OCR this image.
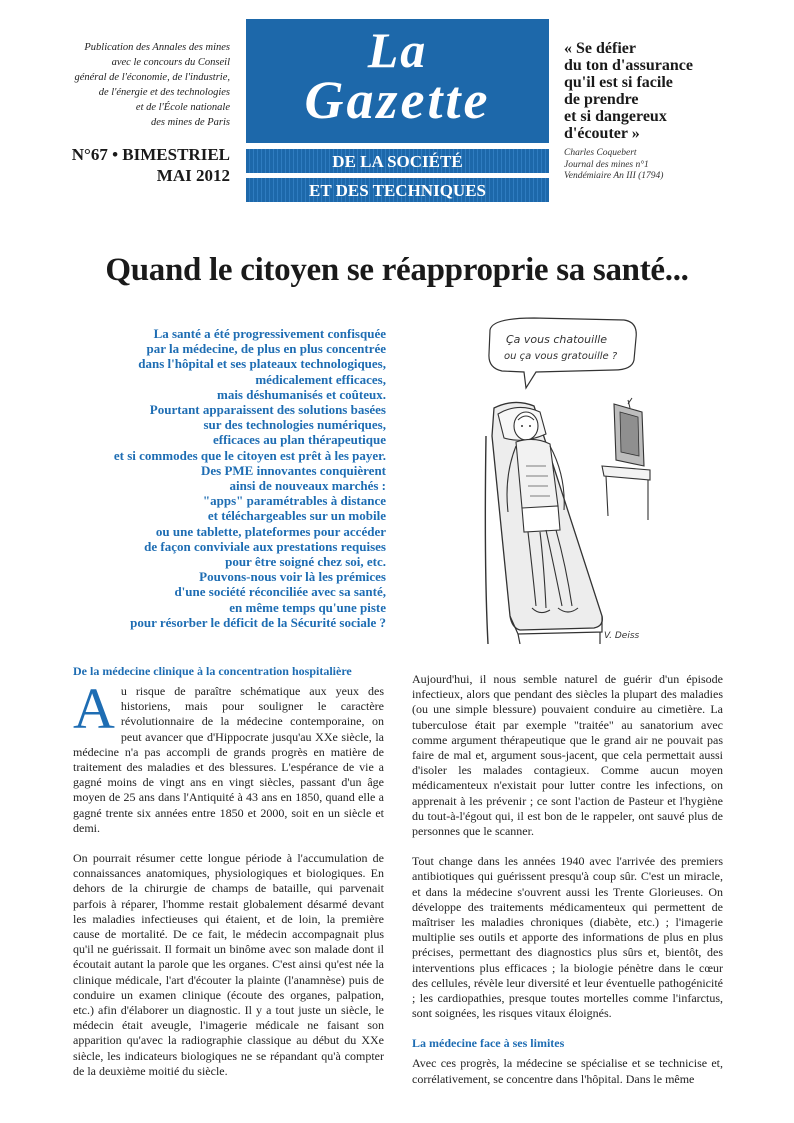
Publication des Annales des mines
avec le concours du Conseil
général de l'économie, de l'industrie,
de l'énergie et des technologies
et de l'École nationale
des mines de Paris
N°67 • BIMESTRIEL
MAI 2012
La
Gazette
DE LA SOCIÉTÉ
ET DES TECHNIQUES
« Se défier
du ton d'assurance
qu'il est si facile
de prendre
et si dangereux
d'écouter »
Charles Coquebert
Journal des mines n°1
Vendémiaire An III (1794)
Quand le citoyen se réapproprie sa santé...
La santé a été progressivement confisquée
par la médecine, de plus en plus concentrée
dans l'hôpital et ses plateaux technologiques,
médicalement efficaces,
mais déshumanisés et coûteux.
Pourtant apparaissent des solutions basées
sur des technologies numériques,
efficaces au plan thérapeutique
et si commodes que le citoyen est prêt à les payer.
Des PME innovantes conquièrent
ainsi de nouveaux marchés :
"apps" paramétrables à distance
et téléchargeables sur un mobile
ou une tablette, plateformes pour accéder
de façon conviviale aux prestations requises
pour être soigné chez soi, etc.
Pouvons-nous voir là les prémices
d'une société réconciliée avec sa santé,
en même temps qu'une piste
pour résorber le déficit de la Sécurité sociale ?
Ça vous chatouille
ou ça vous gratouille ?
V. Deiss
De la médecine clinique à la concentration hospitalière
Au risque de paraître schématique aux yeux des historiens, mais pour souligner le caractère révolutionnaire de la médecine contemporaine, on peut avancer que d'Hippocrate jusqu'au XXe siècle, la médecine n'a pas accompli de grands progrès en matière de traitement des maladies et des blessures. L'espérance de vie a gagné moins de vingt ans en vingt siècles, passant d'un âge moyen de 25 ans dans l'Antiquité à 43 ans en 1850, quand elle a gagné trente six années entre 1850 et 2000, soit en un siècle et demi.
On pourrait résumer cette longue période à l'accumulation de connaissances anatomiques, physiologiques et biologiques. En dehors de la chirurgie de champs de bataille, qui parvenait parfois à réparer, l'homme restait globalement désarmé devant les maladies infectieuses qui étaient, et de loin, la première cause de mortalité. De ce fait, le médecin accompagnait plus qu'il ne guérissait. Il formait un binôme avec son malade dont il écoutait autant la parole que les organes. C'est ainsi qu'est née la clinique médicale, l'art d'écouter la plainte (l'anamnèse) puis de conduire un examen clinique (écoute des organes, palpation, etc.) afin d'élaborer un diagnostic. Il y a tout juste un siècle, le médecin était aveugle, l'imagerie médicale ne faisant son apparition qu'avec la radiographie classique au début du XXe siècle, les indicateurs biologiques ne se répandant qu'à compter de la deuxième moitié du siècle.
Aujourd'hui, il nous semble naturel de guérir d'un épisode infectieux, alors que pendant des siècles la plupart des maladies (ou une simple blessure) pouvaient conduire au cimetière. La tuberculose était par exemple "traitée" au sanatorium avec comme argument thérapeutique que le grand air ne pouvait pas faire de mal et, argument sous-jacent, que cela permettait aussi d'isoler les malades contagieux. Comme aucun moyen médicamenteux n'existait pour lutter contre les infections, on apprenait à les prévenir ; ce sont l'action de Pasteur et l'hygiène du tout-à-l'égout qui, il est bon de le rappeler, ont sauvé plus de personnes que le scanner.
Tout change dans les années 1940 avec l'arrivée des premiers antibiotiques qui guérissent presqu'à coup sûr. C'est un miracle, et dans la médecine s'ouvrent aussi les Trente Glorieuses. On développe des traitements médicamenteux qui permettent de maîtriser les maladies chroniques (diabète, etc.) ; l'imagerie multiplie ses outils et apporte des informations de plus en plus précises, permettant des diagnostics plus sûrs et, bientôt, des interventions plus efficaces ; la biologie pénètre dans le cœur des cellules, révèle leur diversité et leur éventuelle pathogénicité ; les cardiopathies, presque toutes mortelles comme l'infarctus, sont soignées, les risques vitaux éloignés.
La médecine face à ses limites
Avec ces progrès, la médecine se spécialise et se technicise et, corrélativement, se concentre dans l'hôpital. Dans le même
